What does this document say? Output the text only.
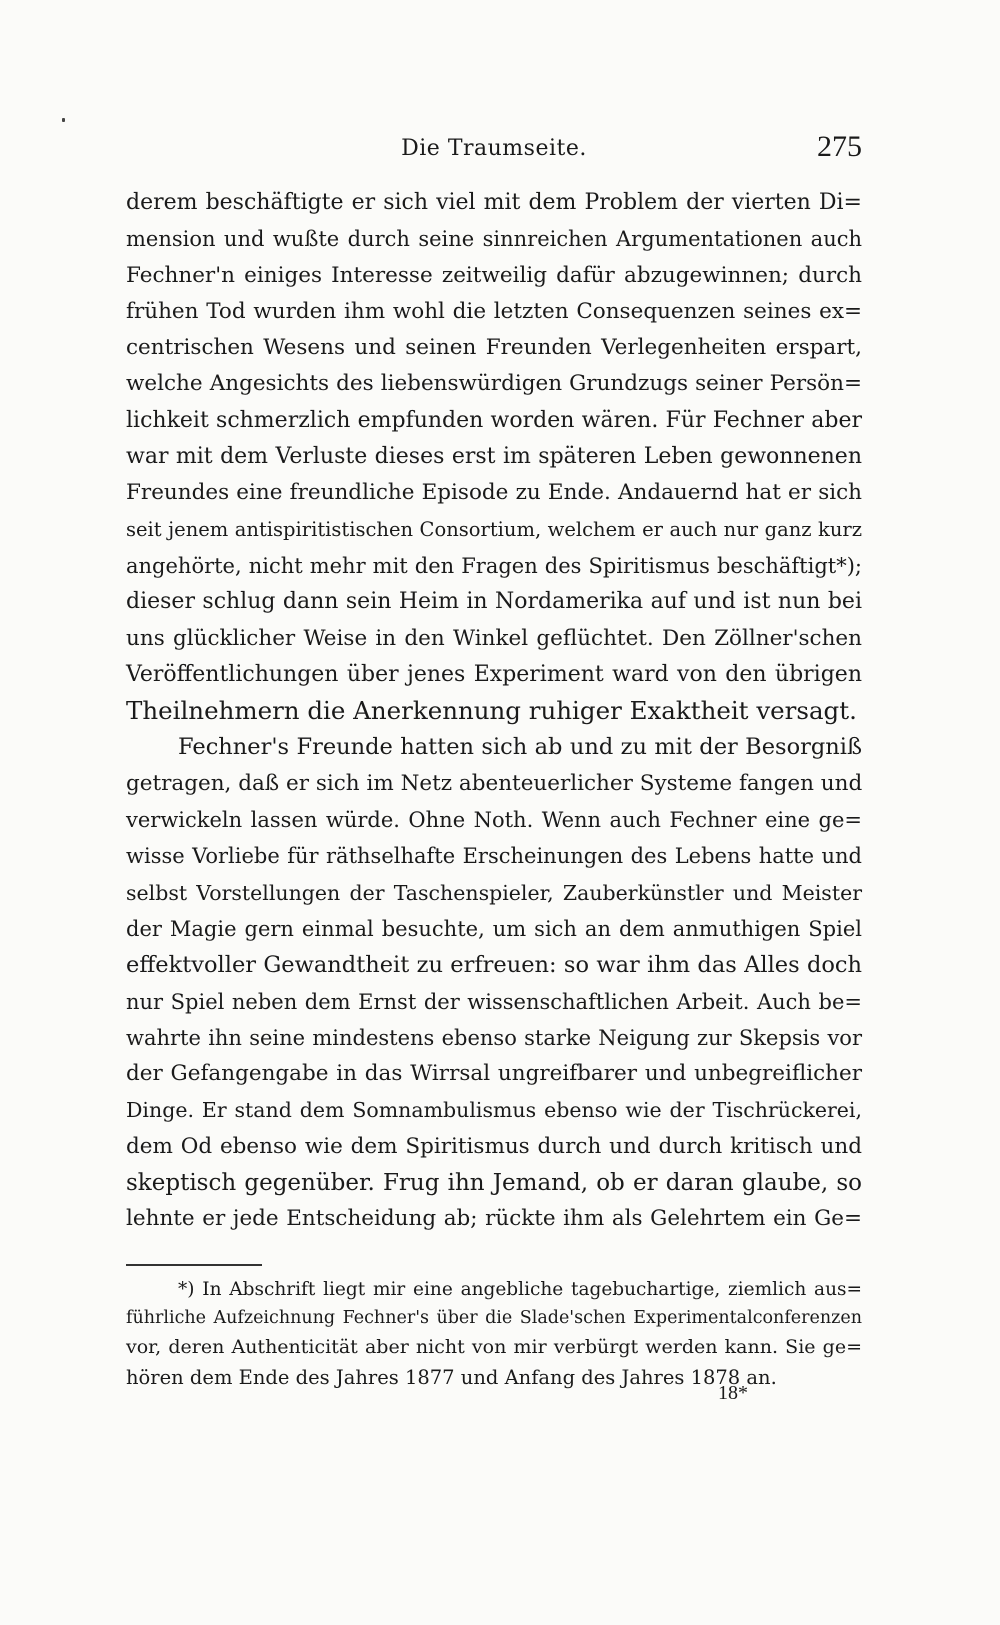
Die Traumseite.	275
derem beschäftigte er sich viel mit dem Problem der vierten Di=
mension und wußte durch seine sinnreichen Argumentationen auch
Fechner'n einiges Interesse zeitweilig dafür abzugewinnen; durch
frühen Tod wurden ihm wohl die letzten Consequenzen seines ex=
centrischen Wesens und seinen Freunden Verlegenheiten erspart,
welche Angesichts des liebenswürdigen Grundzugs seiner Persön=
lichkeit schmerzlich empfunden worden wären. Für Fechner aber
war mit dem Verluste dieses erst im späteren Leben gewonnenen
Freundes eine freundliche Episode zu Ende. Andauernd hat er sich
seit jenem antispiritistischen Consortium, welchem er auch nur ganz kurz
angehörte, nicht mehr mit den Fragen des Spiritismus beschäftigt*);
dieser schlug dann sein Heim in Nordamerika auf und ist nun bei
uns glücklicher Weise in den Winkel geflüchtet. Den Zöllner'schen
Veröffentlichungen über jenes Experiment ward von den übrigen
Theilnehmern die Anerkennung ruhiger Exaktheit versagt.
Fechner's Freunde hatten sich ab und zu mit der Besorgniß
getragen, daß er sich im Netz abenteuerlicher Systeme fangen und
verwickeln lassen würde. Ohne Noth. Wenn auch Fechner eine ge=
wisse Vorliebe für räthselhafte Erscheinungen des Lebens hatte und
selbst Vorstellungen der Taschenspieler, Zauberkünstler und Meister
der Magie gern einmal besuchte, um sich an dem anmuthigen Spiel
effektvoller Gewandtheit zu erfreuen: so war ihm das Alles doch
nur Spiel neben dem Ernst der wissenschaftlichen Arbeit. Auch be=
wahrte ihn seine mindestens ebenso starke Neigung zur Skepsis vor
der Gefangengabe in das Wirrsal ungreifbarer und unbegreiflicher
Dinge. Er stand dem Somnambulismus ebenso wie der Tischrückerei,
dem Od ebenso wie dem Spiritismus durch und durch kritisch und
skeptisch gegenüber. Frug ihn Jemand, ob er daran glaube, so
lehnte er jede Entscheidung ab; rückte ihm als Gelehrtem ein Ge=
*) In Abschrift liegt mir eine angebliche tagebuchartige, ziemlich aus=
führliche Aufzeichnung Fechner's über die Slade'schen Experimentalconferenzen
vor, deren Authenticität aber nicht von mir verbürgt werden kann. Sie ge=
hören dem Ende des Jahres 1877 und Anfang des Jahres 1878 an.
18*
